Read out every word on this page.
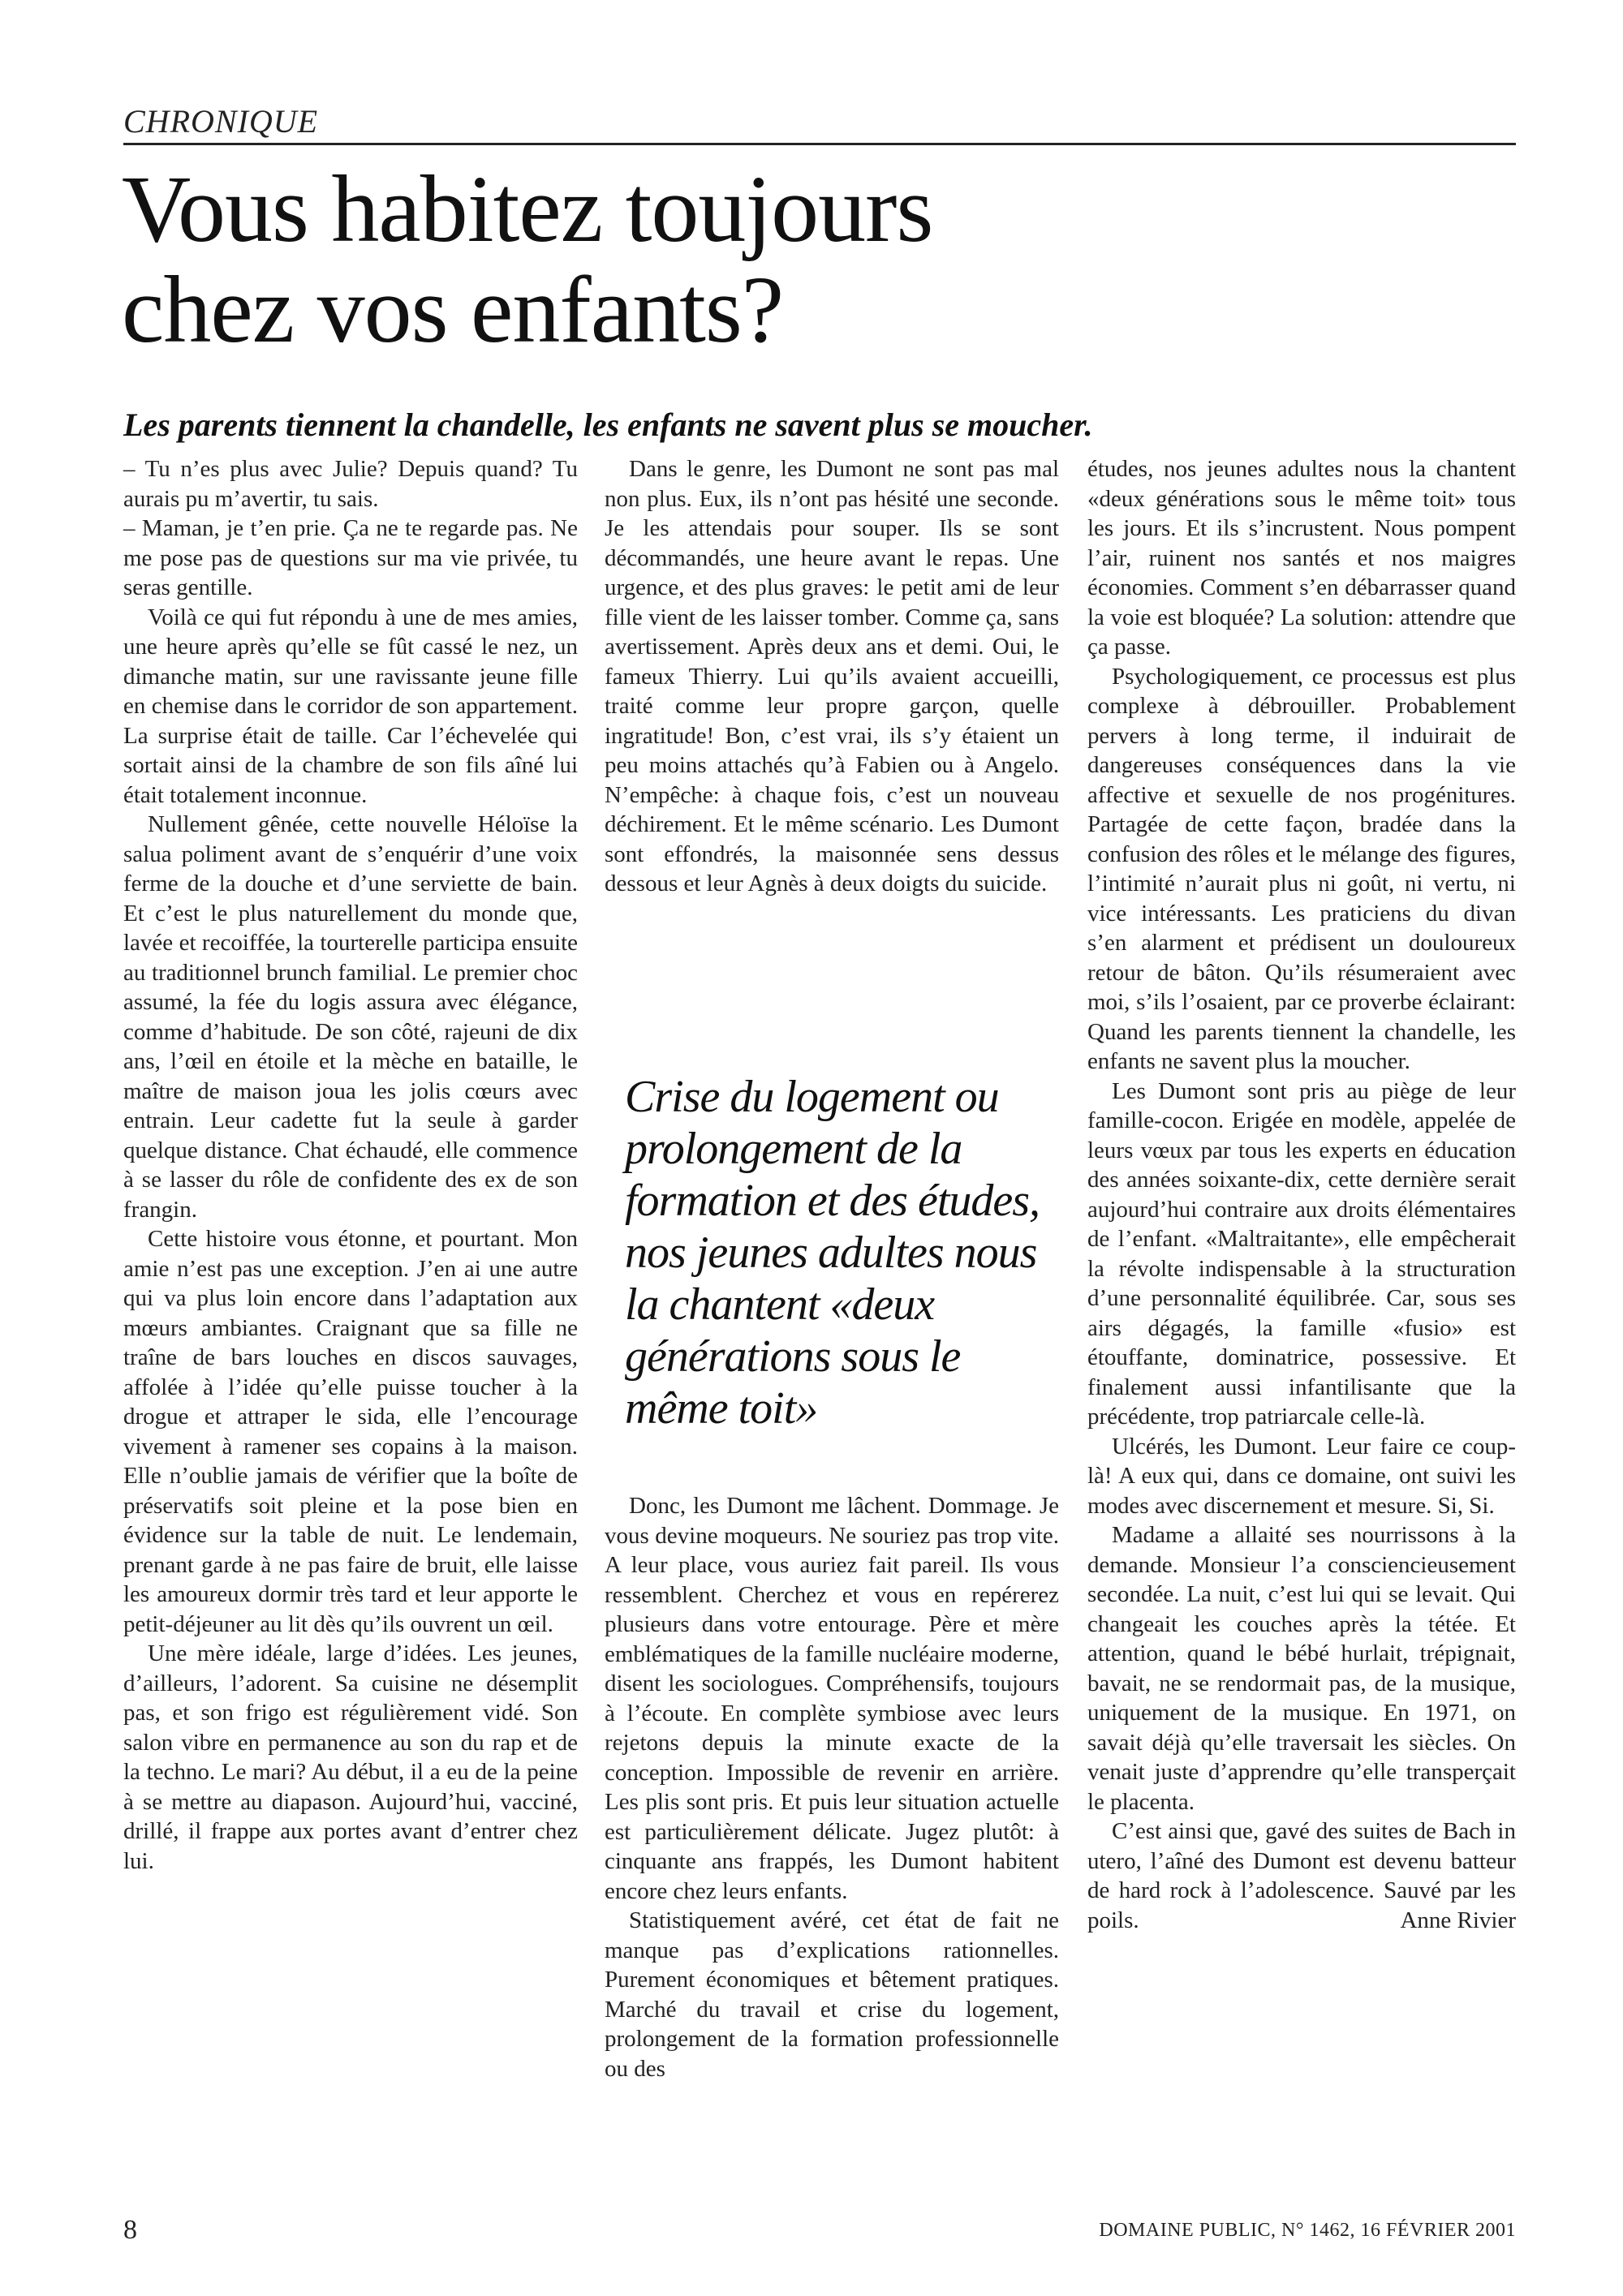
CHRONIQUE
Vous habitez toujours
chez vos enfants?

Les parents tiennent la chandelle, les enfants ne savent plus se moucher.

– Tu n’es plus avec Julie? Depuis quand? Tu aurais pu m’avertir, tu sais.

– Maman, je t’en prie. Ça ne te regarde pas. Ne me pose pas de questions sur ma vie privée, tu seras gentille.

Voilà ce qui fut répondu à une de mes amies, une heure après qu’elle se fût cassé le nez, un dimanche matin, sur une ravissante jeune fille en chemise dans le corridor de son appartement. La surprise était de taille. Car l’échevelée qui sortait ainsi de la chambre de son fils aîné lui était totalement inconnue.

Nullement gênée, cette nouvelle Héloïse la salua poliment avant de s’enquérir d’une voix ferme de la douche et d’une serviette de bain. Et c’est le plus naturellement du monde que, lavée et recoiffée, la tourterelle participa ensuite au traditionnel brunch familial. Le premier choc assumé, la fée du logis assura avec élégance, comme d’habitude. De son côté, rajeuni de dix ans, l’œil en étoile et la mèche en bataille, le maître de maison joua les jolis cœurs avec entrain. Leur cadette fut la seule à garder quelque distance. Chat échaudé, elle commence à se lasser du rôle de confidente des ex de son frangin.

Cette histoire vous étonne, et pourtant. Mon amie n’est pas une exception. J’en ai une autre qui va plus loin encore dans l’adaptation aux mœurs ambiantes. Craignant que sa fille ne traîne de bars louches en discos sauvages, affolée à l’idée qu’elle puisse toucher à la drogue et attraper le sida, elle l’encourage vivement à ramener ses copains à la maison. Elle n’oublie jamais de vérifier que la boîte de préservatifs soit pleine et la pose bien en évidence sur la table de nuit. Le lendemain, prenant garde à ne pas faire de bruit, elle laisse les amoureux dormir très tard et leur apporte le petit-déjeuner au lit dès qu’ils ouvrent un œil.

Une mère idéale, large d’idées. Les jeunes, d’ailleurs, l’adorent. Sa cuisine ne désemplit pas, et son frigo est régulièrement vidé. Son salon vibre en permanence au son du rap et de la techno. Le mari? Au début, il a eu de la peine à se mettre au diapason. Aujourd’hui, vacciné, drillé, il frappe aux portes avant d’entrer chez lui.

Dans le genre, les Dumont ne sont pas mal non plus. Eux, ils n’ont pas hésité une seconde. Je les attendais pour souper. Ils se sont décommandés, une heure avant le repas. Une urgence, et des plus graves: le petit ami de leur fille vient de les laisser tomber. Comme ça, sans avertissement. Après deux ans et demi. Oui, le fameux Thierry. Lui qu’ils avaient accueilli, traité comme leur propre garçon, quelle ingratitude! Bon, c’est vrai, ils s’y étaient un peu moins attachés qu’à Fabien ou à Angelo. N’empêche: à chaque fois, c’est un nouveau déchirement. Et le même scénario. Les Dumont sont effondrés, la maisonnée sens dessus dessous et leur Agnès à deux doigts du suicide.

Crise du logement ou prolongement de la formation et des études, nos jeunes adultes nous la chantent «deux générations sous le même toit»

Donc, les Dumont me lâchent. Dommage. Je vous devine moqueurs. Ne souriez pas trop vite. A leur place, vous auriez fait pareil. Ils vous ressemblent. Cherchez et vous en repérerez plusieurs dans votre entourage. Père et mère emblématiques de la famille nucléaire moderne, disent les sociologues. Compréhensifs, toujours à l’écoute. En complète symbiose avec leurs rejetons depuis la minute exacte de la conception. Impossible de revenir en arrière. Les plis sont pris. Et puis leur situation actuelle est particulièrement délicate. Jugez plutôt: à cinquante ans frappés, les Dumont habitent encore chez leurs enfants.

Statistiquement avéré, cet état de fait ne manque pas d’explications rationnelles. Purement économiques et bêtement pratiques. Marché du travail et crise du logement, prolongement de la formation professionnelle ou des

études, nos jeunes adultes nous la chantent «deux générations sous le même toit» tous les jours. Et ils s’incrustent. Nous pompent l’air, ruinent nos santés et nos maigres économies. Comment s’en débarrasser quand la voie est bloquée? La solution: attendre que ça passe.

Psychologiquement, ce processus est plus complexe à débrouiller. Probablement pervers à long terme, il induirait de dangereuses conséquences dans la vie affective et sexuelle de nos progénitures. Partagée de cette façon, bradée dans la confusion des rôles et le mélange des figures, l’intimité n’aurait plus ni goût, ni vertu, ni vice intéressants. Les praticiens du divan s’en alarment et prédisent un douloureux retour de bâton. Qu’ils résumeraient avec moi, s’ils l’osaient, par ce proverbe éclairant: Quand les parents tiennent la chandelle, les enfants ne savent plus la moucher.

Les Dumont sont pris au piège de leur famille-cocon. Erigée en modèle, appelée de leurs vœux par tous les experts en éducation des années soixante-dix, cette dernière serait aujourd’hui contraire aux droits élémentaires de l’enfant. «Maltraitante», elle empêcherait la révolte indispensable à la structuration d’une personnalité équilibrée. Car, sous ses airs dégagés, la famille «fusio» est étouffante, dominatrice, possessive. Et finalement aussi infantilisante que la précédente, trop patriarcale celle-là.

Ulcérés, les Dumont. Leur faire ce coup-là! A eux qui, dans ce domaine, ont suivi les modes avec discernement et mesure. Si, Si.

Madame a allaité ses nourrissons à la demande. Monsieur l’a consciencieusement secondée. La nuit, c’est lui qui se levait. Qui changeait les couches après la tétée. Et attention, quand le bébé hurlait, trépignait, bavait, ne se rendormait pas, de la musique, uniquement de la musique. En 1971, on savait déjà qu’elle traversait les siècles. On venait juste d’apprendre qu’elle transperçait le placenta.

C’est ainsi que, gavé des suites de Bach in utero, l’aîné des Dumont est devenu batteur de hard rock à l’adolescence. Sauvé par les poils.	Anne Rivier

8	DOMAINE PUBLIC, N° 1462, 16 FÉVRIER 2001
